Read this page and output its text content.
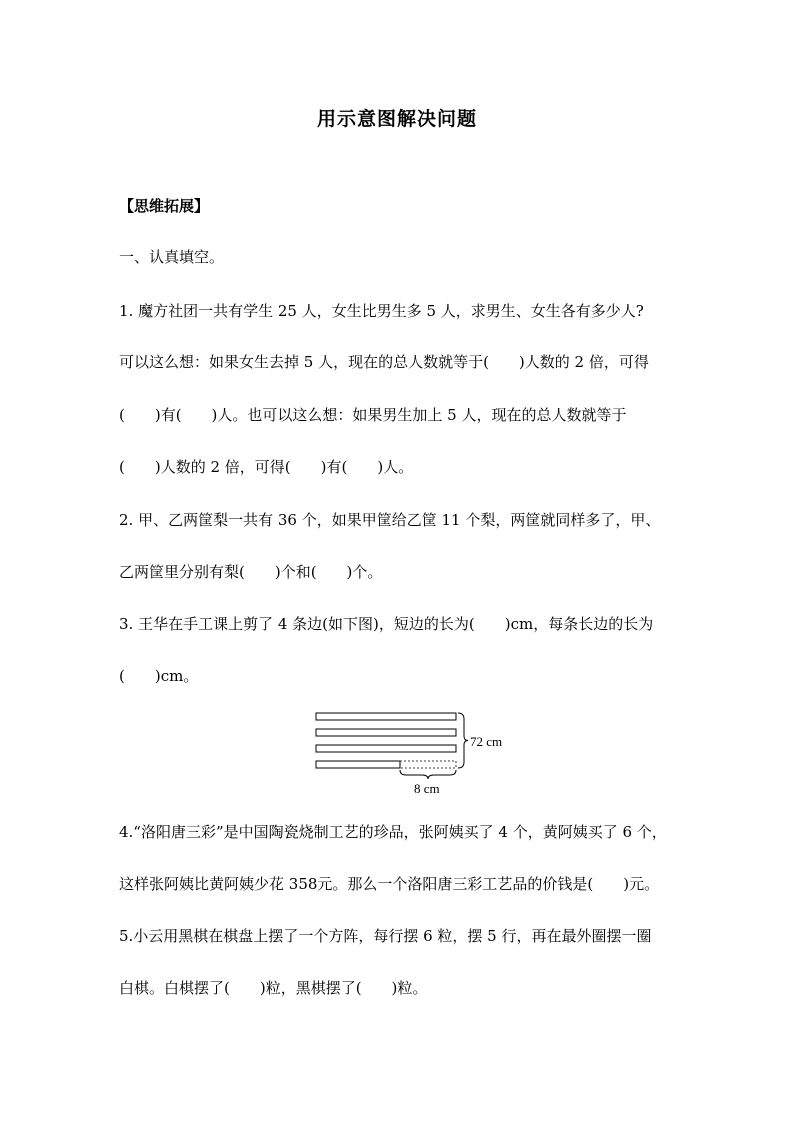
用示意图解决问题
【思维拓展】
一、认真填空。
1. 魔方社团一共有学生 25 人，女生比男生多 5 人，求男生、女生各有多少人?
可以这么想：如果女生去掉 5 人，现在的总人数就等于(　　)人数的 2 倍，可得
(　　)有(　　)人。也可以这么想：如果男生加上 5 人，现在的总人数就等于
(　　)人数的 2 倍，可得(　　)有(　　)人。
2. 甲、乙两筐梨一共有 36 个，如果甲筐给乙筐 11 个梨，两筐就同样多了，甲、
乙两筐里分别有梨(　　)个和(　　)个。
3. 王华在手工课上剪了 4 条边(如下图)，短边的长为(　　)cm，每条长边的长为
(　　)cm。
72 cm
8 cm
4.“洛阳唐三彩”是中国陶瓷烧制工艺的珍品，张阿姨买了 4 个，黄阿姨买了 6 个，
这样张阿姨比黄阿姨少花 358元。那么一个洛阳唐三彩工艺品的价钱是(　　)元。
5.小云用黑棋在棋盘上摆了一个方阵，每行摆 6 粒，摆 5 行，再在最外圈摆一圈
白棋。白棋摆了(　　)粒，黑棋摆了(　　)粒。
